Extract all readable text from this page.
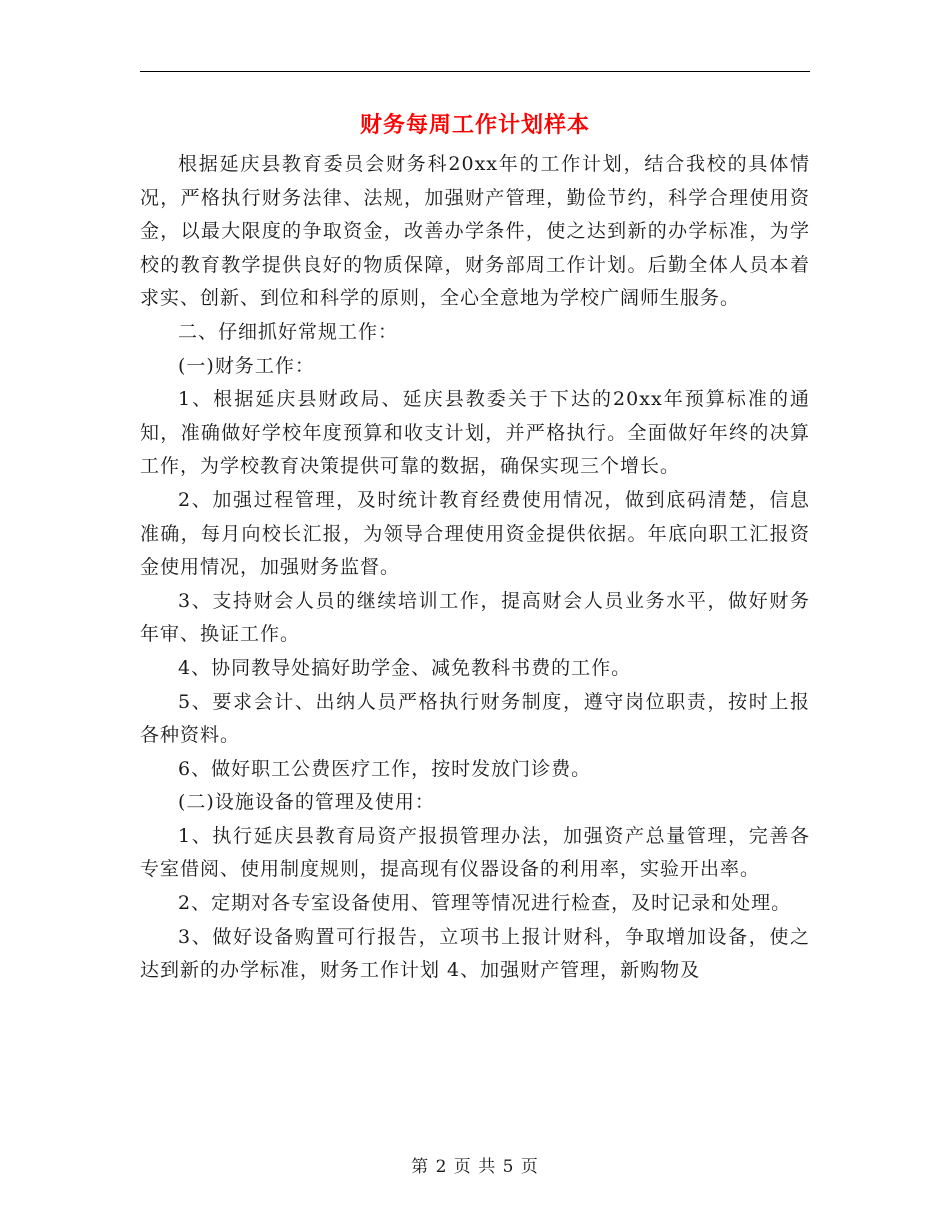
财务每周工作计划样本

根据延庆县教育委员会财务科20xx年的工作计划，结合我校的具体情况，严格执行财务法律、法规，加强财产管理，勤俭节约，科学合理使用资金，以最大限度的争取资金，改善办学条件，使之达到新的办学标准，为学校的教育教学提供良好的物质保障，财务部周工作计划。后勤全体人员本着求实、创新、到位和科学的原则，全心全意地为学校广阔师生服务。

二、仔细抓好常规工作：

(一)财务工作：

1、根据延庆县财政局、延庆县教委关于下达的20xx年预算标准的通知，准确做好学校年度预算和收支计划，并严格执行。全面做好年终的决算工作，为学校教育决策提供可靠的数据，确保实现三个增长。

2、加强过程管理，及时统计教育经费使用情况，做到底码清楚，信息准确，每月向校长汇报，为领导合理使用资金提供依据。年底向职工汇报资金使用情况，加强财务监督。

3、支持财会人员的继续培训工作，提高财会人员业务水平，做好财务年审、换证工作。

4、协同教导处搞好助学金、减免教科书费的工作。

5、要求会计、出纳人员严格执行财务制度，遵守岗位职责，按时上报各种资料。

6、做好职工公费医疗工作，按时发放门诊费。

(二)设施设备的管理及使用：

1、执行延庆县教育局资产报损管理办法，加强资产总量管理，完善各专室借阅、使用制度规则，提高现有仪器设备的利用率，实验开出率。

2、定期对各专室设备使用、管理等情况进行检查，及时记录和处理。

3、做好设备购置可行报告，立项书上报计财科，争取增加设备，使之达到新的办学标准，财务工作计划 4、加强财产管理，新购物及

第 2 页 共 5 页
